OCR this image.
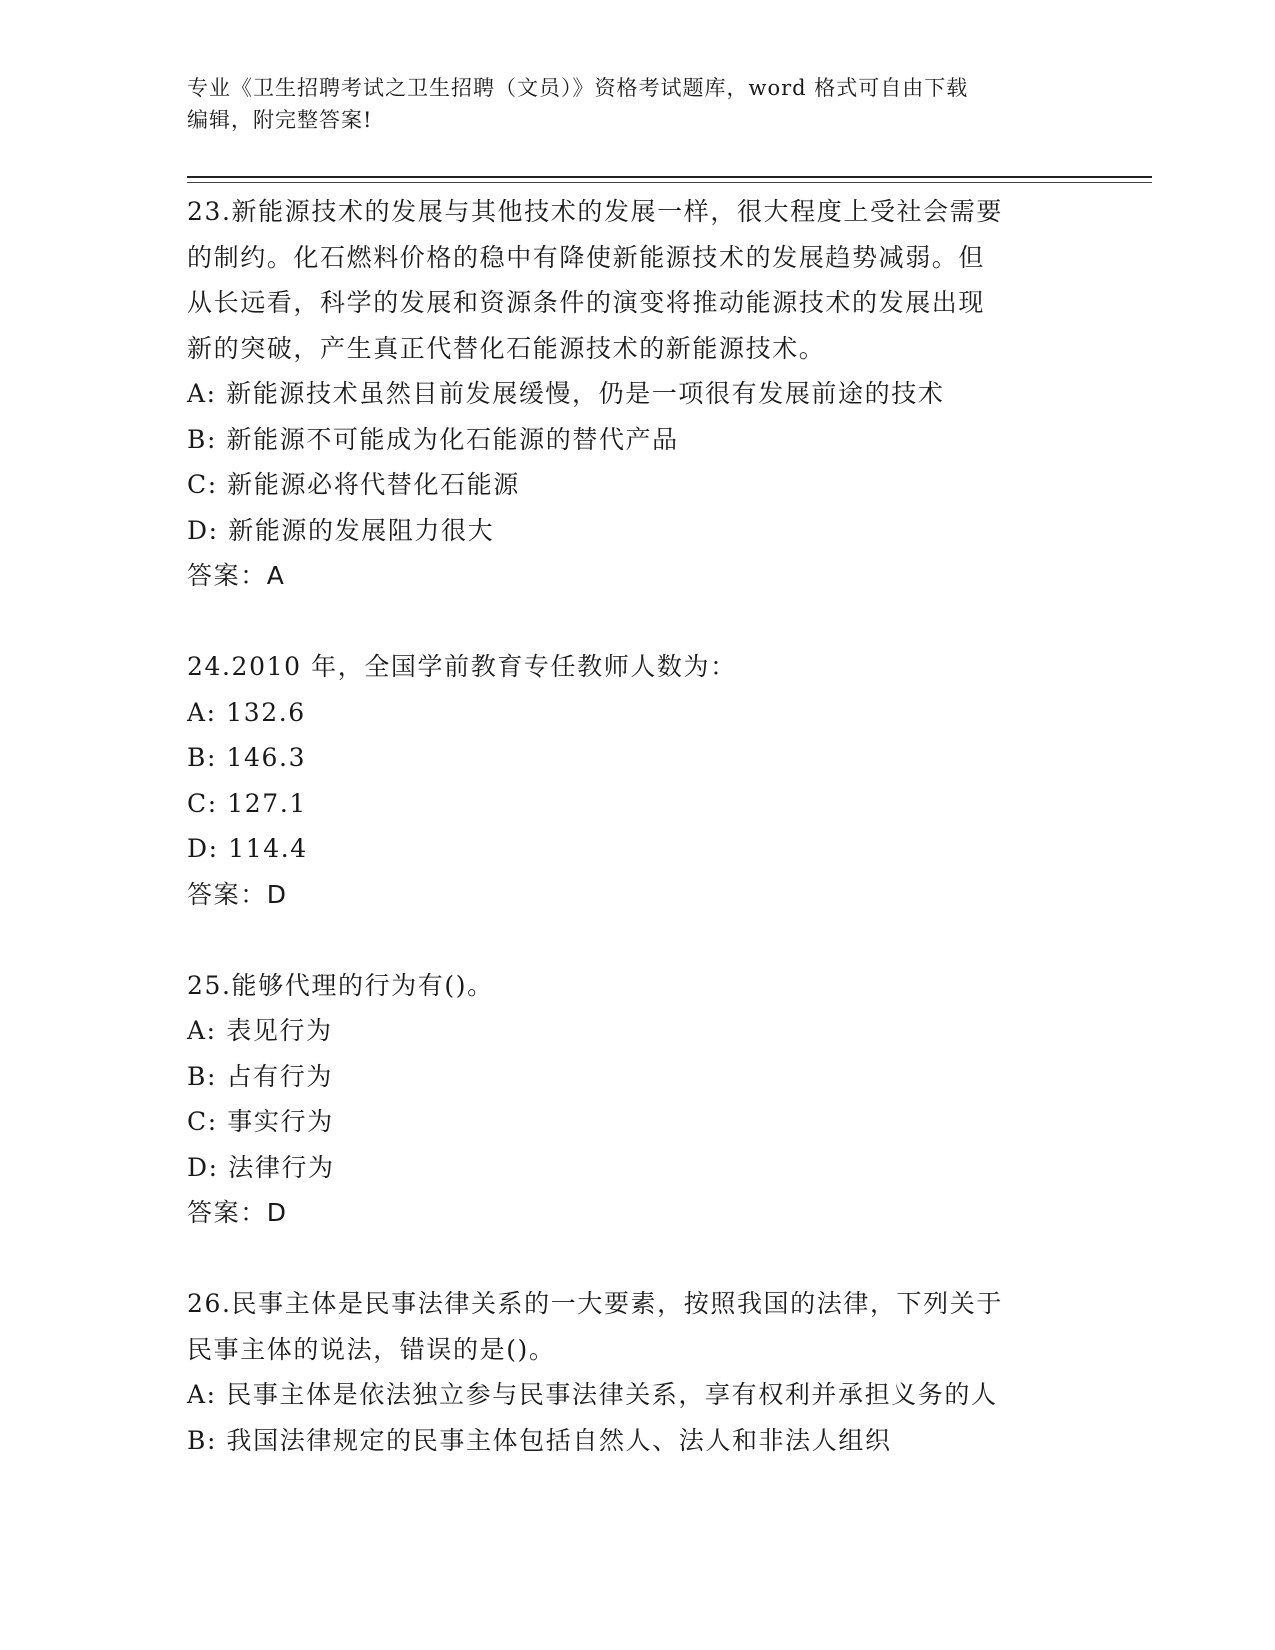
专业《卫生招聘考试之卫生招聘（文员）》资格考试题库，word 格式可自由下载
编辑，附完整答案!

23.新能源技术的发展与其他技术的发展一样，很大程度上受社会需要

的制约。化石燃料价格的稳中有降使新能源技术的发展趋势减弱。但

从长远看，科学的发展和资源条件的演变将推动能源技术的发展出现

新的突破，产生真正代替化石能源技术的新能源技术。

A: 新能源技术虽然目前发展缓慢，仍是一项很有发展前途的技术

B: 新能源不可能成为化石能源的替代产品

C: 新能源必将代替化石能源

D: 新能源的发展阻力很大

答案：A

24.2010 年，全国学前教育专任教师人数为：

A: 132.6

B: 146.3

C: 127.1

D: 114.4

答案：D

25.能够代理的行为有()。

A: 表见行为

B: 占有行为

C: 事实行为

D: 法律行为

答案：D

26.民事主体是民事法律关系的一大要素，按照我国的法律，下列关于

民事主体的说法，错误的是()。

A: 民事主体是依法独立参与民事法律关系，享有权利并承担义务的人

B: 我国法律规定的民事主体包括自然人、法人和非法人组织
